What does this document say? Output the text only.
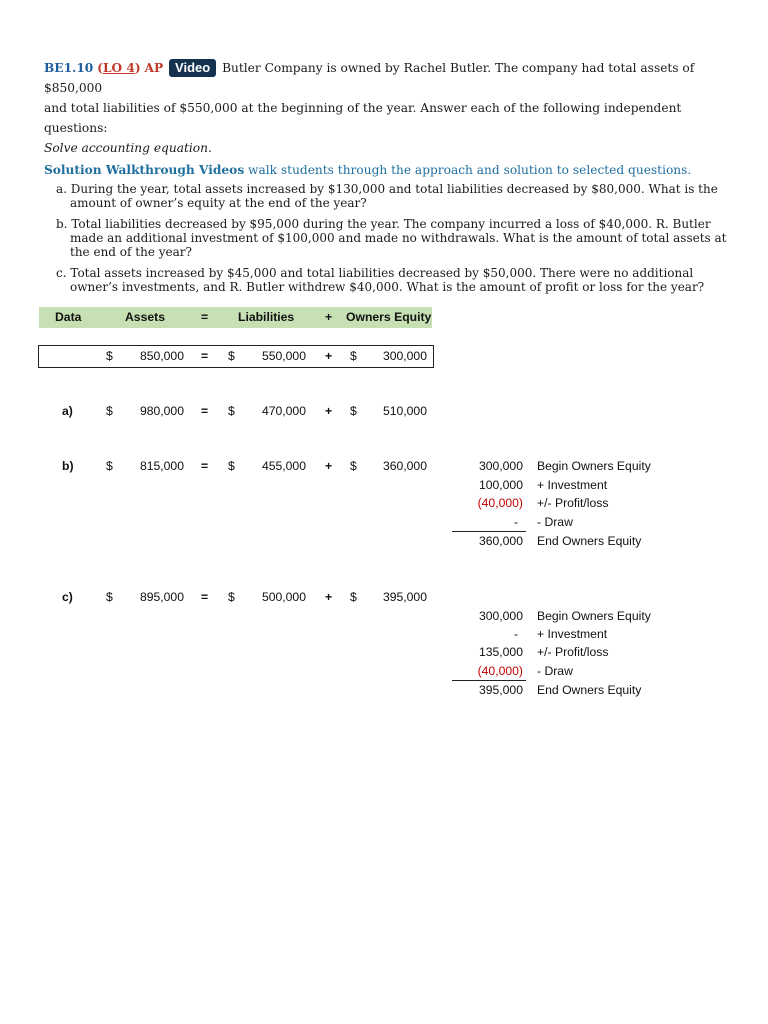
BE1.10 (LO 4) AP Video Butler Company is owned by Rachel Butler. The company had total assets of $850,000
and total liabilities of $550,000 at the beginning of the year. Answer each of the following independent questions:
Solve accounting equation.
Solution Walkthrough Videos walk students through the approach and solution to selected questions.
a. During the year, total assets increased by $130,000 and total liabilities decreased by $80,000. What is the amount of owner’s equity at the end of the year?
b. Total liabilities decreased by $95,000 during the year. The company incurred a loss of $40,000. R. Butler made an additional investment of $100,000 and made no withdrawals. What is the amount of total assets at the end of the year?
c. Total assets increased by $45,000 and total liabilities decreased by $50,000. There were no additional owner’s investments, and R. Butler withdrew $40,000. What is the amount of profit or loss for the year?
Data	Assets	= Liabilities	+ Owners Equity
$	850,000 = $	550,000 + $	300,000
a)	$	980,000 = $	470,000 + $	510,000
b)	$	815,000 = $	455,000 + $	360,000
c)	$	895,000 = $	500,000 + $	395,000
300,000 Begin Owners Equity
100,000 + Investment
(40,000) +/- Profit/loss
- - Draw
360,000 End Owners Equity
300,000 Begin Owners Equity
- + Investment
135,000 +/- Profit/loss
(40,000) - Draw
395,000 End Owners Equity
